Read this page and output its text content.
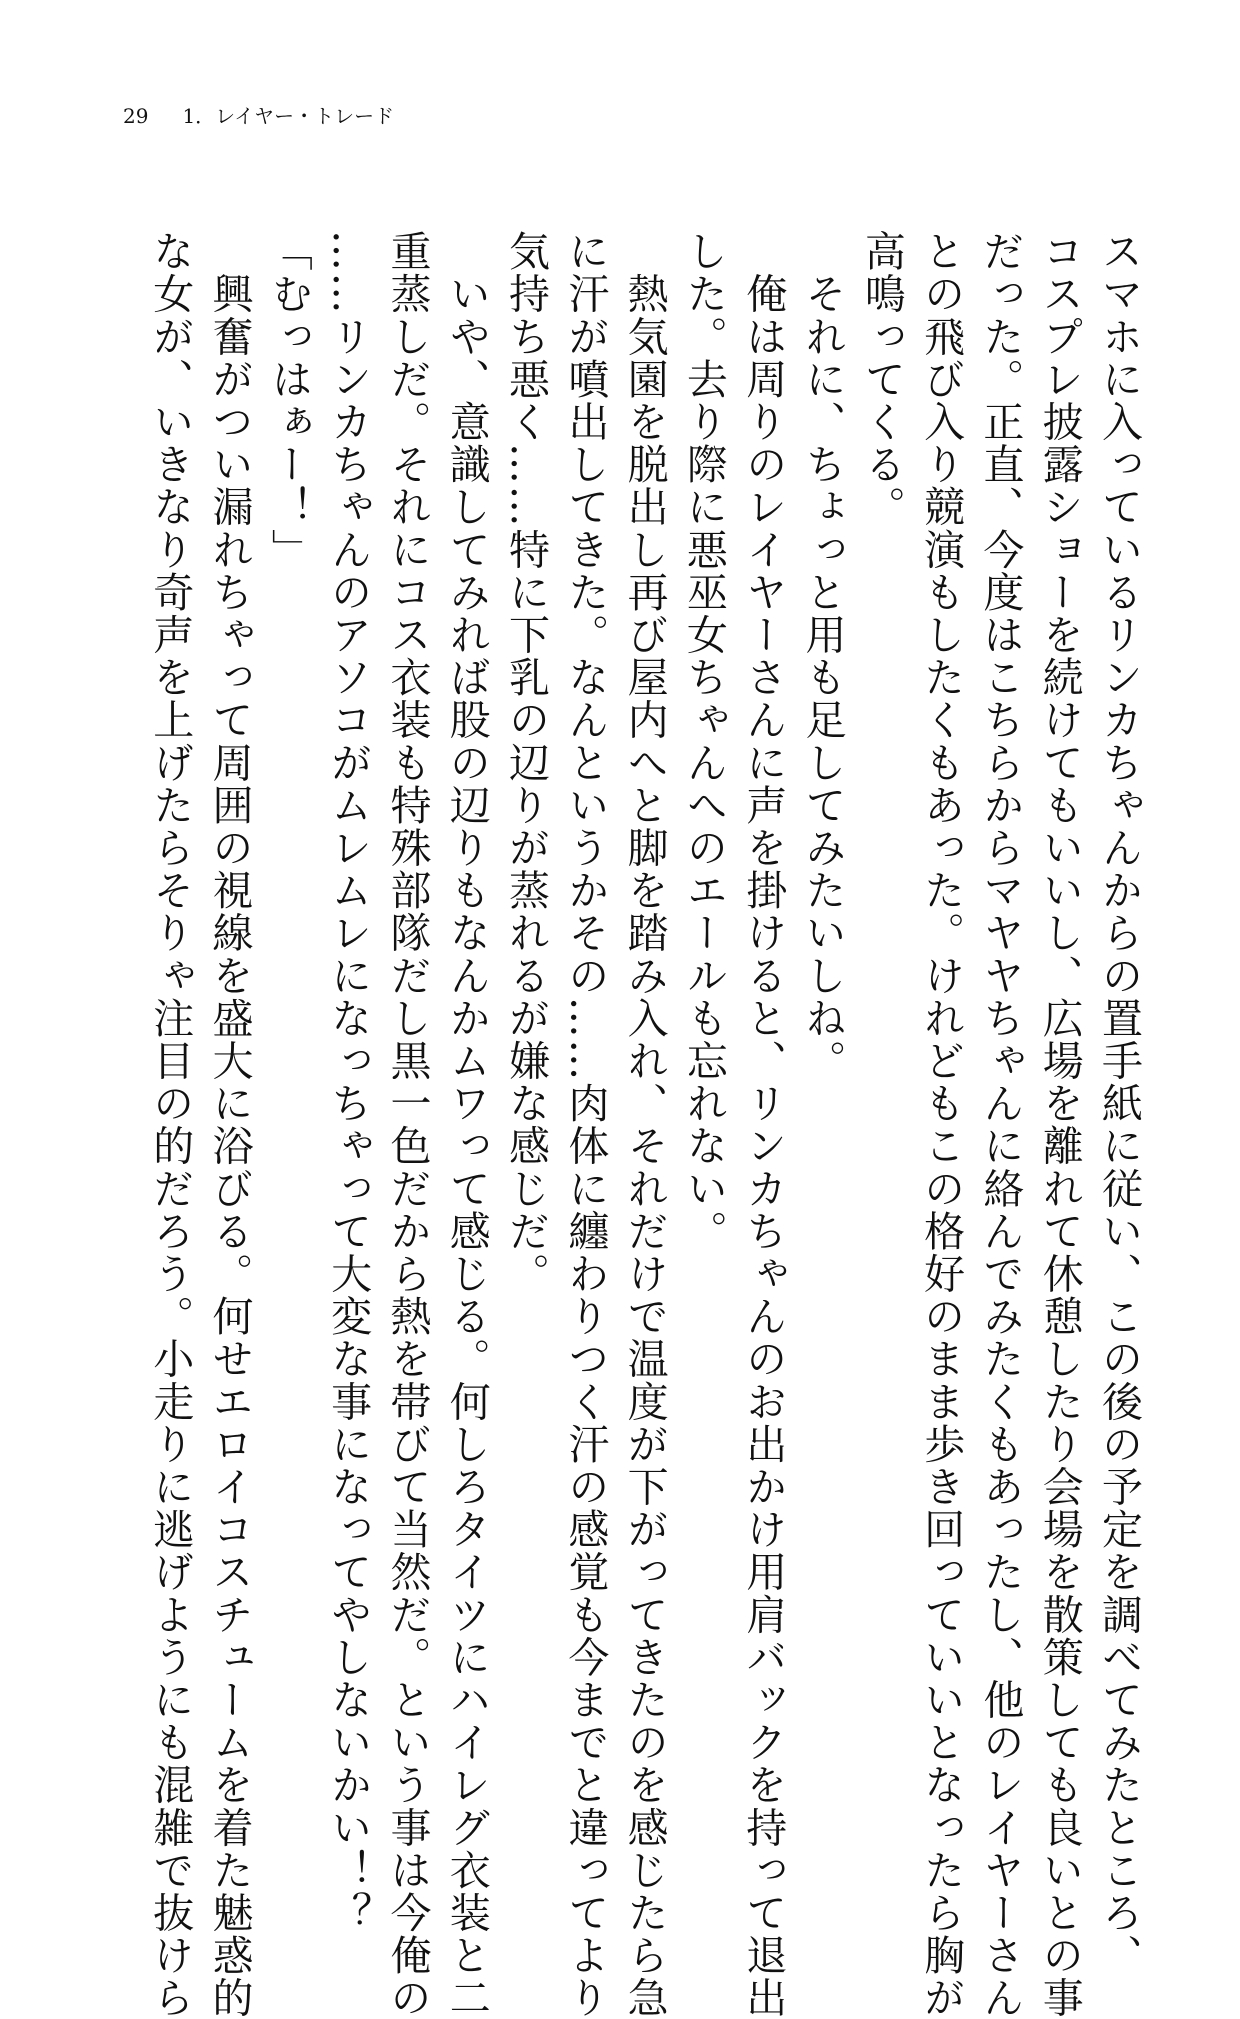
29 1．レイヤー・トレード

スマホに入っているリンカちゃんからの置手紙に従い、この後の予定を調べてみたところ、

コスプレ披露ショーを続けてもいいし、広場を離れて休憩したり会場を散策しても良いとの事

だった。正直、今度はこちらからマヤヤちゃんに絡んでみたくもあったし、他のレイヤーさん

との飛び入り競演もしたくもあった。けれどもこの格好のまま歩き回っていいとなったら胸が

高鳴ってくる。

　それに、ちょっと用も足してみたいしね。

　俺は周りのレイヤーさんに声を掛けると、リンカちゃんのお出かけ用肩バックを持って退出

した。去り際に悪巫女ちゃんへのエールも忘れない。

　熱気園を脱出し再び屋内へと脚を踏み入れ、それだけで温度が下がってきたのを感じたら急

に汗が噴出してきた。なんというかその……肉体に纏わりつく汗の感覚も今までと違ってより

気持ち悪く……特に下乳の辺りが蒸れるが嫌な感じだ。

　いや、意識してみれば股の辺りもなんかムワって感じる。何しろタイツにハイレグ衣装と二

重蒸しだ。それにコス衣装も特殊部隊だし黒一色だから熱を帯びて当然だ。という事は今俺の

……リンカちゃんのアソコがムレムレになっちゃって大変な事になってやしないかい！？

「むっはぁー！」

　興奮がつい漏れちゃって周囲の視線を盛大に浴びる。何せエロイコスチュームを着た魅惑的

な女が、いきなり奇声を上げたらそりゃ注目の的だろう。小走りに逃げようにも混雑で抜けら
